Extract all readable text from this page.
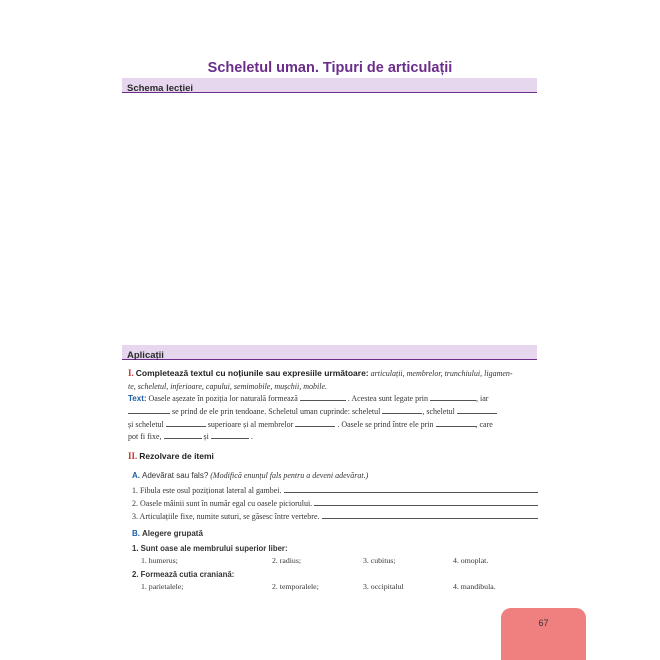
Scheletul uman. Tipuri de articulații
Schema lecției
Aplicații
I. Completează textul cu noțiunile sau expresiile următoare: articulații, membrelor, trunchiului, ligamen-
te, scheletul, inferioare, capului, semimobile, mușchii, mobile.
Text: Oasele așezate în poziția lor naturală formează	. Acestea sunt legate prin	, iar
se prind de ele prin tendoane. Scheletul uman cuprinde: scheletul	, scheletul
și scheletul	superioare și al membrelor	. Oasele se prind între ele prin	, care
pot fi fixe,	și	.
II. Rezolvare de itemi
A. Adevărat sau fals? (Modifică enunțul fals pentru a deveni adevărat.)
1. Fibula este osul poziționat lateral al gambei.
2. Oasele mâinii sunt în număr egal cu oasele piciorului.
3. Articulațiile fixe, numite suturi, se găsesc între vertebre.
B. Alegere grupată
1. Sunt oase ale membrului superior liber:
1. humerus;	2. radius;	3. cubitus;	4. omoplat.
2. Formează cutia craniană:
1. parietalele;	2. temporalele;	3. occipitalul	4. mandibula.
67
